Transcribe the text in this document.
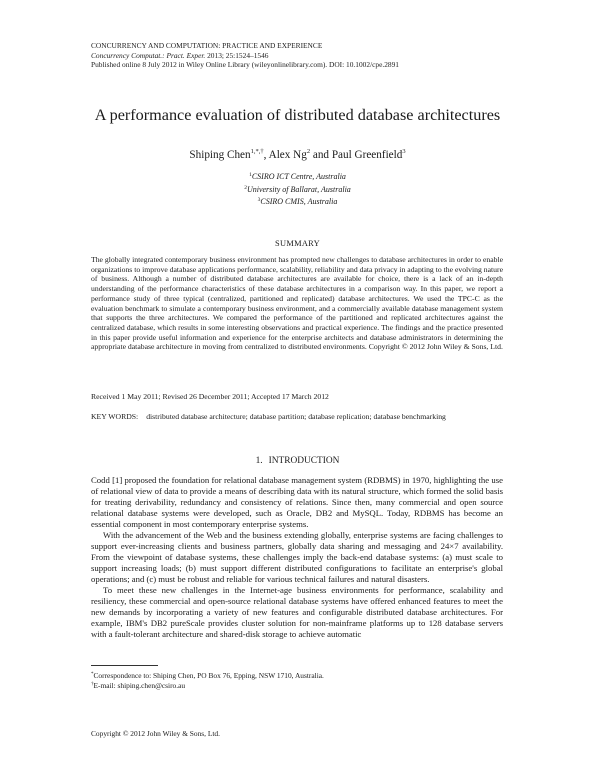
CONCURRENCY AND COMPUTATION: PRACTICE AND EXPERIENCE
Concurrency Computat.: Pract. Exper. 2013; 25:1524–1546
Published online 8 July 2012 in Wiley Online Library (wileyonlinelibrary.com). DOI: 10.1002/cpe.2891
A performance evaluation of distributed database architectures
Shiping Chen$^{1,*,\dagger}$, Alex Ng$^2$ and Paul Greenfield$^3$
$^1$CSIRO ICT Centre, Australia
$^2$University of Ballarat, Australia
$^3$CSIRO CMIS, Australia
SUMMARY
The globally integrated contemporary business environment has prompted new challenges to database architectures in order to enable organizations to improve database applications performance, scalability, reliability and data privacy in adapting to the evolving nature of business. Although a number of distributed database architectures are available for choice, there is a lack of an in-depth understanding of the performance characteristics of these database architectures in a comparison way. In this paper, we report a performance study of three typical (centralized, partitioned and replicated) database architectures. We used the TPC-C as the evaluation benchmark to simulate a contemporary business environment, and a commercially available database management system that supports the three architectures. We compared the performance of the partitioned and replicated architectures against the centralized database, which results in some interesting observations and practical experience. The findings and the practice presented in this paper provide useful information and experience for the enterprise architects and database administrators in determining the appropriate database architecture in moving from centralized to distributed environments. Copyright © 2012 John Wiley & Sons, Ltd.
Received 1 May 2011; Revised 26 December 2011; Accepted 17 March 2012
KEY WORDS: distributed database architecture; database partition; database replication; database benchmarking
1. INTRODUCTION

Codd [1] proposed the foundation for relational database management system (RDBMS) in 1970, highlighting the use of relational view of data to provide a means of describing data with its natural structure, which formed the solid basis for treating derivability, redundancy and consistency of relations. Since then, many commercial and open source relational database systems were developed, such as Oracle, DB2 and MySQL. Today, RDBMS has become an essential component in most contemporary enterprise systems.

With the advancement of the Web and the business extending globally, enterprise systems are facing challenges to support ever-increasing clients and business partners, globally data sharing and messaging and 24×7 availability. From the viewpoint of database systems, these challenges imply the back-end database systems: (a) must scale to support increasing loads; (b) must support different distributed configurations to facilitate an enterprise's global operations; and (c) must be robust and reliable for various technical failures and natural disasters.

To meet these new challenges in the Internet-age business environments for performance, scalability and resiliency, these commercial and open-source relational database systems have offered enhanced features to meet the new demands by incorporating a variety of new features and configurable distributed database architectures. For example, IBM's DB2 pureScale provides cluster solution for non-mainframe platforms up to 128 database servers with a fault-tolerant architecture and shared-disk storage to achieve automatic

*Correspondence to: Shiping Chen, PO Box 76, Epping, NSW 1710, Australia.
†E-mail: shiping.chen@csiro.au
Copyright © 2012 John Wiley & Sons, Ltd.
